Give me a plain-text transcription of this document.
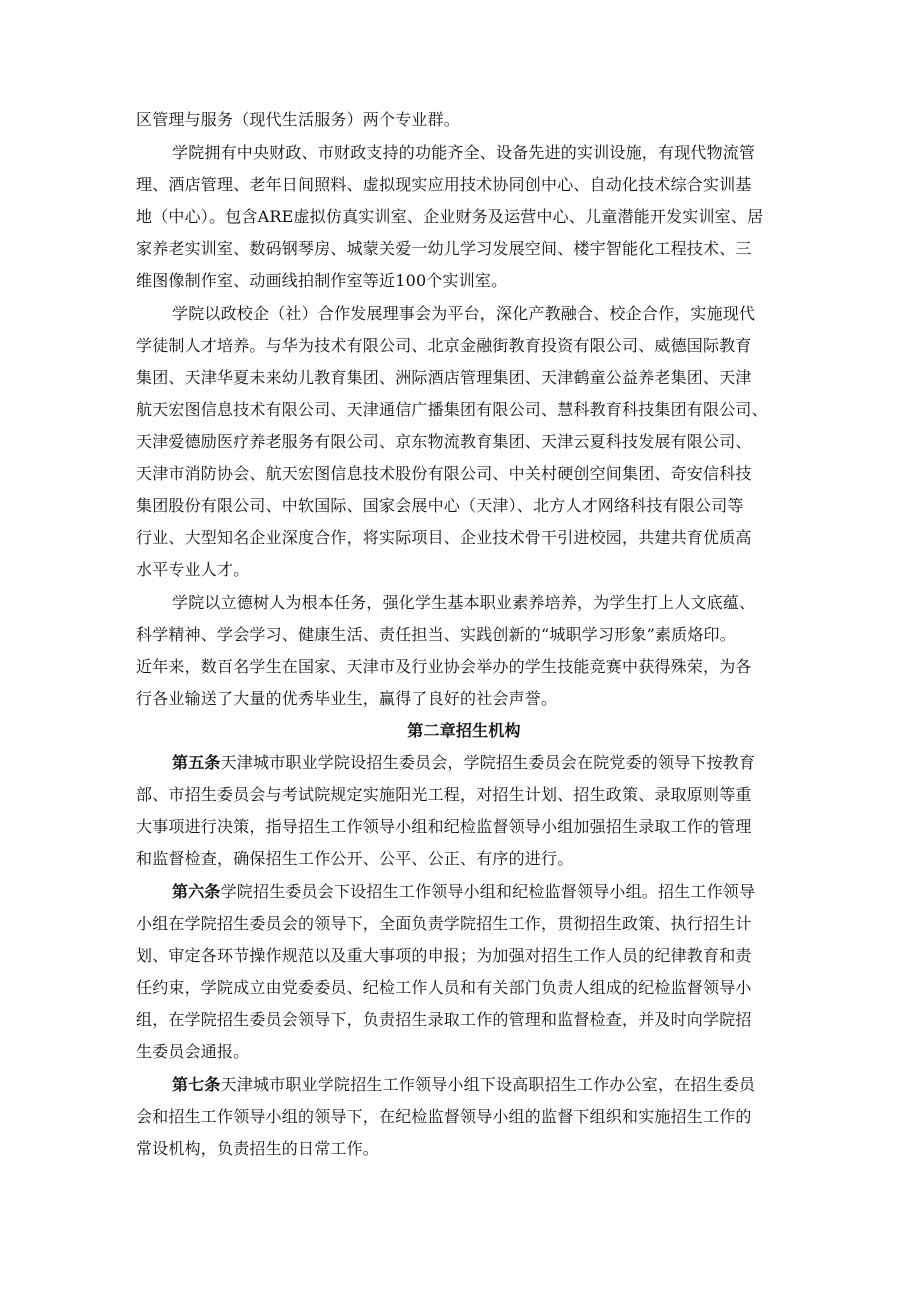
区管理与服务（现代生活服务）两个专业群。
学院拥有中央财政、市财政支持的功能齐全、设备先进的实训设施，有现代物流管
理、酒店管理、老年日间照料、虚拟现实应用技术协同创中心、自动化技术综合实训基
地（中心）。包含ARE虚拟仿真实训室、企业财务及运营中心、儿童潜能开发实训室、居
家养老实训室、数码钢琴房、城蒙关爱一幼儿学习发展空间、楼宇智能化工程技术、三
维图像制作室、动画线拍制作室等近100个实训室。
学院以政校企（社）合作发展理事会为平台，深化产教融合、校企合作，实施现代
学徒制人才培养。与华为技术有限公司、北京金融街教育投资有限公司、威德国际教育
集团、天津华夏未来幼儿教育集团、洲际酒店管理集团、天津鹤童公益养老集团、天津
航天宏图信息技术有限公司、天津通信广播集团有限公司、慧科教育科技集团有限公司、
天津爱德励医疗养老服务有限公司、京东物流教育集团、天津云夏科技发展有限公司、
天津市消防协会、航天宏图信息技术股份有限公司、中关村硬创空间集团、奇安信科技
集团股份有限公司、中软国际、国家会展中心（天津）、北方人才网络科技有限公司等
行业、大型知名企业深度合作，将实际项目、企业技术骨干引进校园，共建共育优质高
水平专业人才。
学院以立德树人为根本任务，强化学生基本职业素养培养，为学生打上人文底蕴、
科学精神、学会学习、健康生活、责任担当、实践创新的“城职学习形象”素质烙印。
近年来，数百名学生在国家、天津市及行业协会举办的学生技能竞赛中获得殊荣，为各
行各业输送了大量的优秀毕业生，赢得了良好的社会声誉。
第二章招生机构
第五条天津城市职业学院设招生委员会，学院招生委员会在院党委的领导下按教育
部、市招生委员会与考试院规定实施阳光工程，对招生计划、招生政策、录取原则等重
大事项进行决策，指导招生工作领导小组和纪检监督领导小组加强招生录取工作的管理
和监督检查，确保招生工作公开、公平、公正、有序的进行。
第六条学院招生委员会下设招生工作领导小组和纪检监督领导小组。招生工作领导
小组在学院招生委员会的领导下，全面负责学院招生工作，贯彻招生政策、执行招生计
划、审定各环节操作规范以及重大事项的申报；为加强对招生工作人员的纪律教育和责
任约束，学院成立由党委委员、纪检工作人员和有关部门负责人组成的纪检监督领导小
组，在学院招生委员会领导下，负责招生录取工作的管理和监督检查，并及时向学院招
生委员会通报。
第七条天津城市职业学院招生工作领导小组下设高职招生工作办公室，在招生委员
会和招生工作领导小组的领导下，在纪检监督领导小组的监督下组织和实施招生工作的
常设机构，负责招生的日常工作。
